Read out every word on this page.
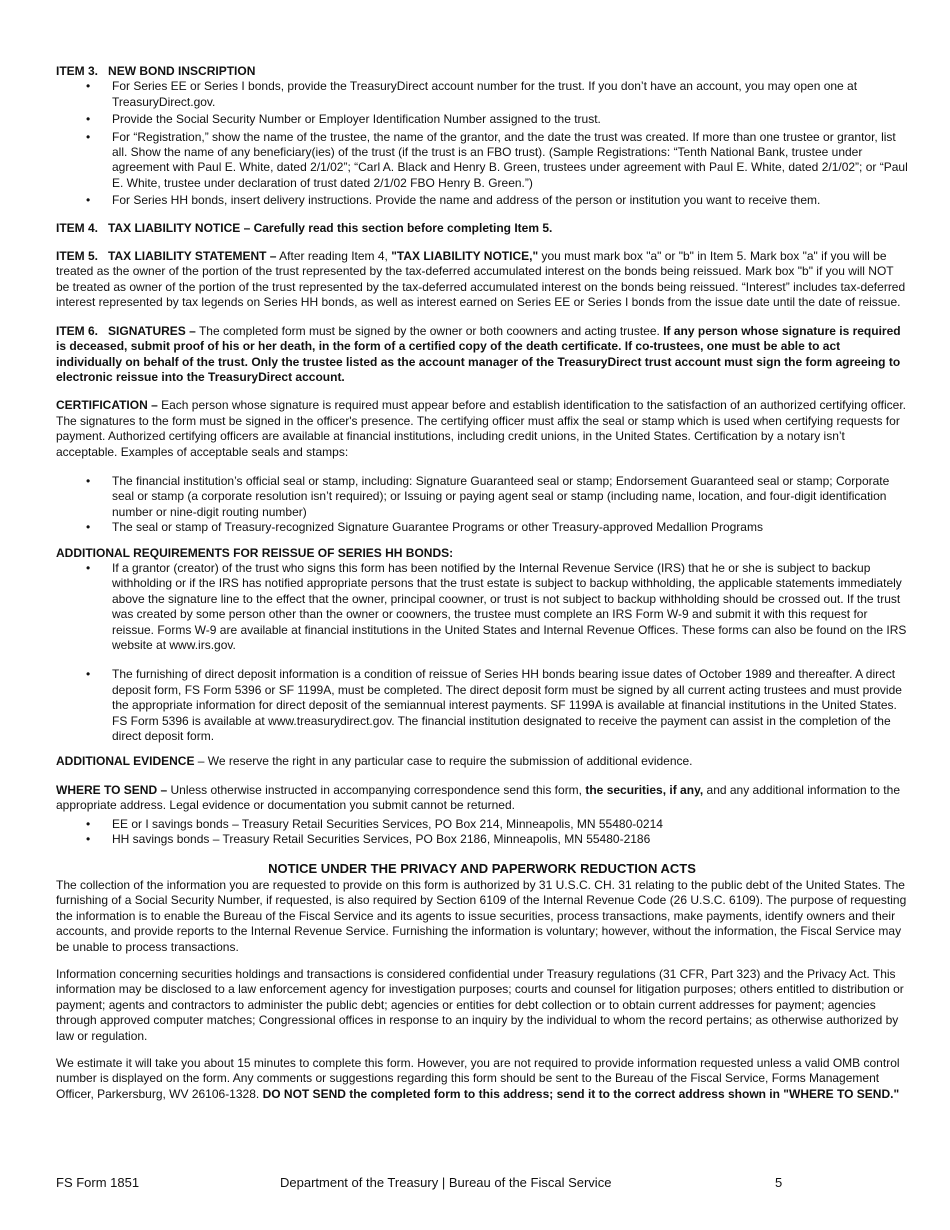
ITEM 3. NEW BOND INSCRIPTION

• For Series EE or Series I bonds, provide the TreasuryDirect account number for the trust. If you don’t have an account, you may open one at TreasuryDirect.gov.
• Provide the Social Security Number or Employer Identification Number assigned to the trust.
• For “Registration,” show the name of the trustee, the name of the grantor, and the date the trust was created. If more than one trustee or grantor, list all. Show the name of any beneficiary(ies) of the trust (if the trust is an FBO trust). (Sample Registrations: “Tenth National Bank, trustee under agreement with Paul E. White, dated 2/1/02”; “Carl A. Black and Henry B. Green, trustees under agreement with Paul E. White, dated 2/1/02”; or “Paul E. White, trustee under declaration of trust dated 2/1/02 FBO Henry B. Green.”)
• For Series HH bonds, insert delivery instructions. Provide the name and address of the person or institution you want to receive them.

ITEM 4. TAX LIABILITY NOTICE – Carefully read this section before completing Item 5.

ITEM 5. TAX LIABILITY STATEMENT – After reading Item 4, "TAX LIABILITY NOTICE," you must mark box "a" or "b" in Item 5. Mark box "a" if you will be treated as the owner of the portion of the trust represented by the tax-deferred accumulated interest on the bonds being reissued. Mark box "b" if you will NOT be treated as owner of the portion of the trust represented by the tax-deferred accumulated interest on the bonds being reissued. “Interest” includes tax-deferred interest represented by tax legends on Series HH bonds, as well as interest earned on Series EE or Series I bonds from the issue date until the date of reissue.

ITEM 6. SIGNATURES – The completed form must be signed by the owner or both coowners and acting trustee. If any person whose signature is required is deceased, submit proof of his or her death, in the form of a certified copy of the death certificate. If co-trustees, one must be able to act individually on behalf of the trust. Only the trustee listed as the account manager of the TreasuryDirect trust account must sign the form agreeing to electronic reissue into the TreasuryDirect account.

CERTIFICATION – Each person whose signature is required must appear before and establish identification to the satisfaction of an authorized certifying officer. The signatures to the form must be signed in the officer's presence. The certifying officer must affix the seal or stamp which is used when certifying requests for payment. Authorized certifying officers are available at financial institutions, including credit unions, in the United States. Certification by a notary isn’t acceptable. Examples of acceptable seals and stamps:

• The financial institution’s official seal or stamp, including: Signature Guaranteed seal or stamp; Endorsement Guaranteed seal or stamp; Corporate seal or stamp (a corporate resolution isn’t required); or Issuing or paying agent seal or stamp (including name, location, and four-digit identification number or nine-digit routing number)
• The seal or stamp of Treasury-recognized Signature Guarantee Programs or other Treasury-approved Medallion Programs

ADDITIONAL REQUIREMENTS FOR REISSUE OF SERIES HH BONDS:

• If a grantor (creator) of the trust who signs this form has been notified by the Internal Revenue Service (IRS) that he or she is subject to backup withholding or if the IRS has notified appropriate persons that the trust estate is subject to backup withholding, the applicable statements immediately above the signature line to the effect that the owner, principal coowner, or trust is not subject to backup withholding should be crossed out. If the trust was created by some person other than the owner or coowners, the trustee must complete an IRS Form W-9 and submit it with this request for reissue. Forms W-9 are available at financial institutions in the United States and Internal Revenue Offices. These forms can also be found on the IRS website at www.irs.gov.
• The furnishing of direct deposit information is a condition of reissue of Series HH bonds bearing issue dates of October 1989 and thereafter. A direct deposit form, FS Form 5396 or SF 1199A, must be completed. The direct deposit form must be signed by all current acting trustees and must provide the appropriate information for direct deposit of the semiannual interest payments. SF 1199A is available at financial institutions in the United States. FS Form 5396 is available at www.treasurydirect.gov. The financial institution designated to receive the payment can assist in the completion of the direct deposit form.

ADDITIONAL EVIDENCE – We reserve the right in any particular case to require the submission of additional evidence.

WHERE TO SEND – Unless otherwise instructed in accompanying correspondence send this form, the securities, if any, and any additional information to the appropriate address. Legal evidence or documentation you submit cannot be returned.

• EE or I savings bonds – Treasury Retail Securities Services, PO Box 214, Minneapolis, MN 55480-0214
• HH savings bonds – Treasury Retail Securities Services, PO Box 2186, Minneapolis, MN 55480-2186

NOTICE UNDER THE PRIVACY AND PAPERWORK REDUCTION ACTS

The collection of the information you are requested to provide on this form is authorized by 31 U.S.C. CH. 31 relating to the public debt of the United States. The furnishing of a Social Security Number, if requested, is also required by Section 6109 of the Internal Revenue Code (26 U.S.C. 6109). The purpose of requesting the information is to enable the Bureau of the Fiscal Service and its agents to issue securities, process transactions, make payments, identify owners and their accounts, and provide reports to the Internal Revenue Service. Furnishing the information is voluntary; however, without the information, the Fiscal Service may be unable to process transactions.

Information concerning securities holdings and transactions is considered confidential under Treasury regulations (31 CFR, Part 323) and the Privacy Act. This information may be disclosed to a law enforcement agency for investigation purposes; courts and counsel for litigation purposes; others entitled to distribution or payment; agents and contractors to administer the public debt; agencies or entities for debt collection or to obtain current addresses for payment; agencies through approved computer matches; Congressional offices in response to an inquiry by the individual to whom the record pertains; as otherwise authorized by law or regulation.

We estimate it will take you about 15 minutes to complete this form. However, you are not required to provide information requested unless a valid OMB control number is displayed on the form. Any comments or suggestions regarding this form should be sent to the Bureau of the Fiscal Service, Forms Management Officer, Parkersburg, WV 26106-1328. DO NOT SEND the completed form to this address; send it to the correct address shown in "WHERE TO SEND."

FS Form 1851	Department of the Treasury | Bureau of the Fiscal Service	5
